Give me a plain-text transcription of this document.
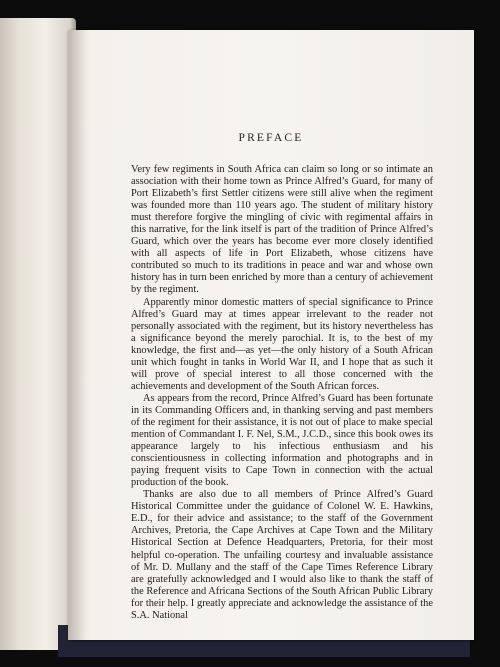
PREFACE

Very few regiments in South Africa can claim so long or so intimate an association with their home town as Prince Alfred’s Guard, for many of Port Elizabeth’s first Settler citizens were still alive when the regiment was founded more than 110 years ago. The student of military history must therefore forgive the mingling of civic with regimental affairs in this narrative, for the link itself is part of the tradition of Prince Alfred’s Guard, which over the years has become ever more closely identified with all aspects of life in Port Elizabeth, whose citizens have contributed so much to its traditions in peace and war and whose own history has in turn been enriched by more than a century of achievement by the regiment.

Apparently minor domestic matters of special significance to Prince Alfred’s Guard may at times appear irrelevant to the reader not personally associated with the regiment, but its history nevertheless has a significance beyond the merely parochial. It is, to the best of my knowledge, the first and—as yet—the only history of a South African unit which fought in tanks in World War II, and I hope that as such it will prove of special interest to all those concerned with the achievements and development of the South African forces.

As appears from the record, Prince Alfred’s Guard has been fortunate in its Commanding Officers and, in thanking serving and past members of the regiment for their assistance, it is not out of place to make special mention of Commandant I. F. Nel, S.M., J.C.D., since this book owes its appearance largely to his infectious enthusiasm and his conscientiousness in collecting information and photographs and in paying frequent visits to Cape Town in connection with the actual production of the book.

Thanks are also due to all members of Prince Alfred’s Guard Historical Committee under the guidance of Colonel W. E. Hawkins, E.D., for their advice and assistance; to the staff of the Government Archives, Pretoria, the Cape Archives at Cape Town and the Military Historical Section at Defence Headquarters, Pretoria, for their most helpful co-operation. The unfailing courtesy and invaluable assistance of Mr. D. Mullany and the staff of the Cape Times Reference Library are gratefully acknowledged and I would also like to thank the staff of the Reference and Africana Sections of the South African Public Library for their help. I greatly appreciate and acknowledge the assistance of the S.A. National
